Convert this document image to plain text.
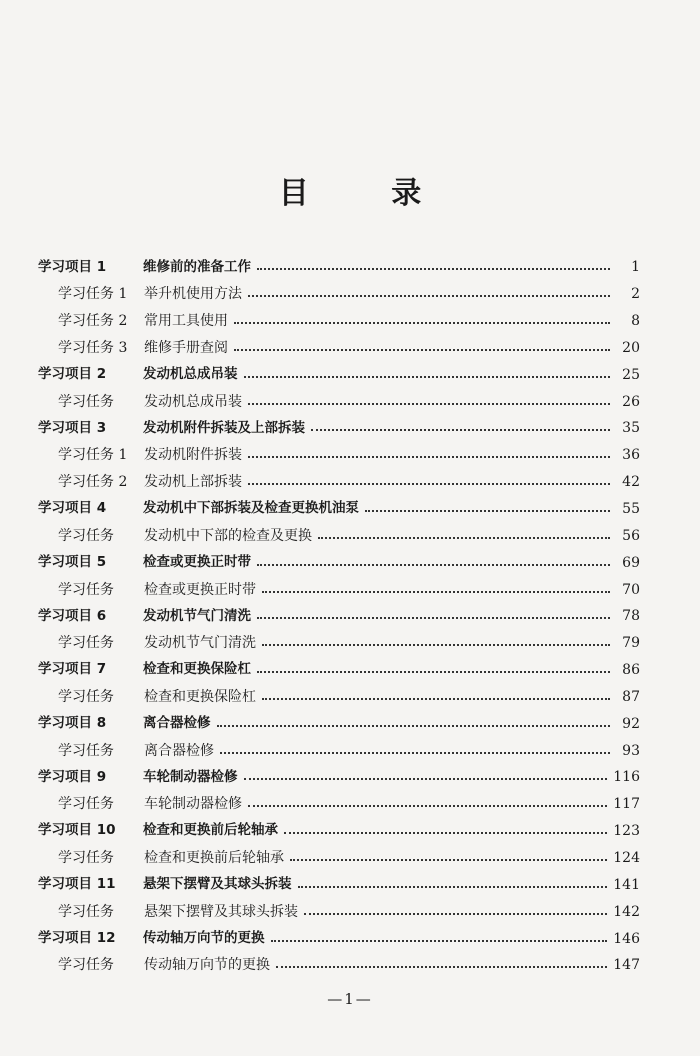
目 录
学习项目 1	维修前的准备工作	1
学习任务 1	举升机使用方法	2
学习任务 2	常用工具使用	8
学习任务 3	维修手册查阅	20
学习项目 2	发动机总成吊装	25
学习任务	发动机总成吊装	26
学习项目 3	发动机附件拆装及上部拆装	35
学习任务 1	发动机附件拆装	36
学习任务 2	发动机上部拆装	42
学习项目 4	发动机中下部拆装及检查更换机油泵	55
学习任务	发动机中下部的检查及更换	56
学习项目 5	检查或更换正时带	69
学习任务	检查或更换正时带	70
学习项目 6	发动机节气门清洗	78
学习任务	发动机节气门清洗	79
学习项目 7	检查和更换保险杠	86
学习任务	检查和更换保险杠	87
学习项目 8	离合器检修	92
学习任务	离合器检修	93
学习项目 9	车轮制动器检修	116
学习任务	车轮制动器检修	117
学习项目 10	检查和更换前后轮轴承	123
学习任务	检查和更换前后轮轴承	124
学习项目 11	悬架下摆臂及其球头拆装	141
学习任务	悬架下摆臂及其球头拆装	142
学习项目 12	传动轴万向节的更换	146
学习任务	传动轴万向节的更换	147
—1—
